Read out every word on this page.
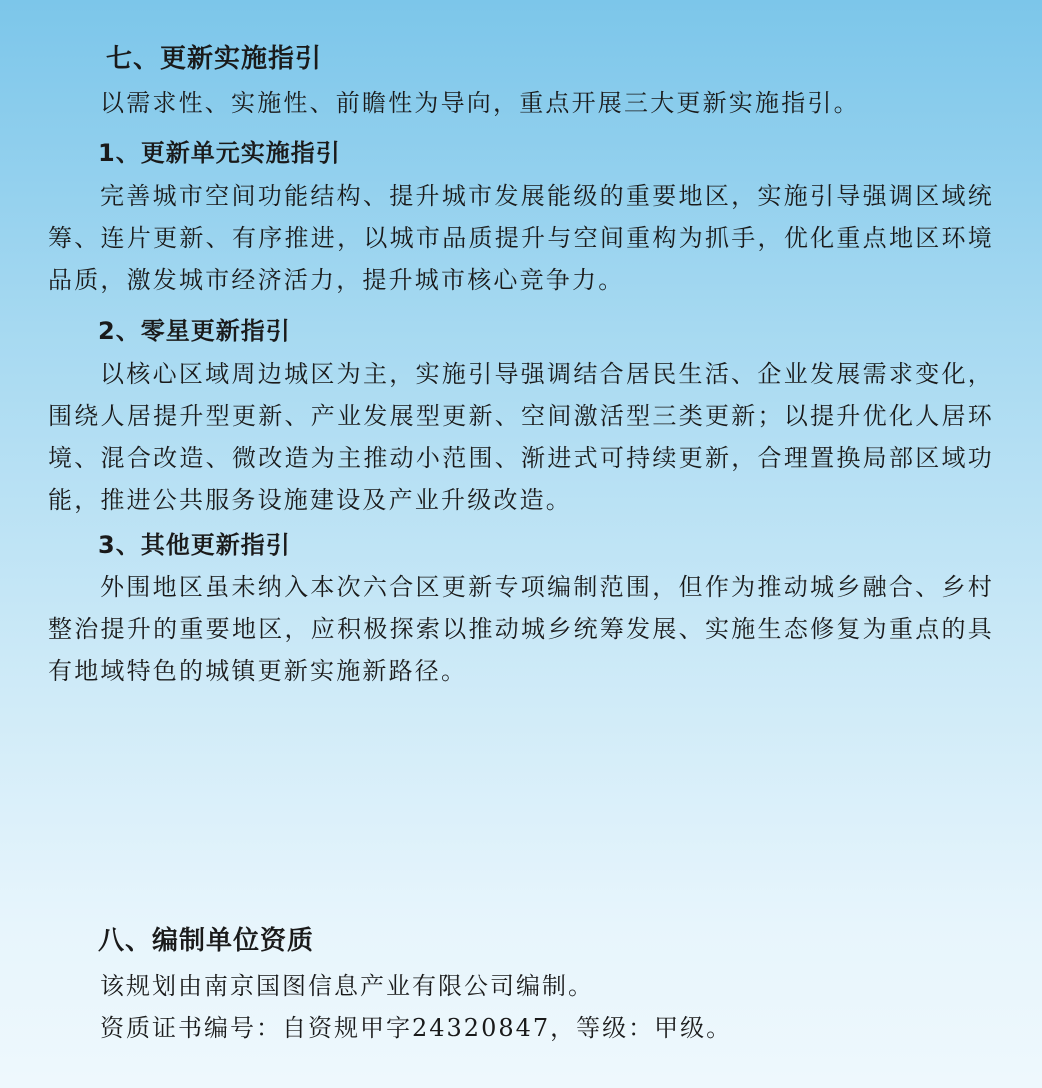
七、更新实施指引

以需求性、实施性、前瞻性为导向，重点开展三大更新实施指引。

1、更新单元实施指引

完善城市空间功能结构、提升城市发展能级的重要地区，实施引导强调区域统筹、连片更新、有序推进，以城市品质提升与空间重构为抓手，优化重点地区环境品质，激发城市经济活力，提升城市核心竞争力。

2、零星更新指引

以核心区域周边城区为主，实施引导强调结合居民生活、企业发展需求变化，围绕人居提升型更新、产业发展型更新、空间激活型三类更新；以提升优化人居环境、混合改造、微改造为主推动小范围、渐进式可持续更新，合理置换局部区域功能，推进公共服务设施建设及产业升级改造。

3、其他更新指引

外围地区虽未纳入本次六合区更新专项编制范围，但作为推动城乡融合、乡村整治提升的重要地区，应积极探索以推动城乡统筹发展、实施生态修复为重点的具有地域特色的城镇更新实施新路径。

八、编制单位资质
该规划由南京国图信息产业有限公司编制。
资质证书编号：自资规甲字24320847，等级：甲级。
